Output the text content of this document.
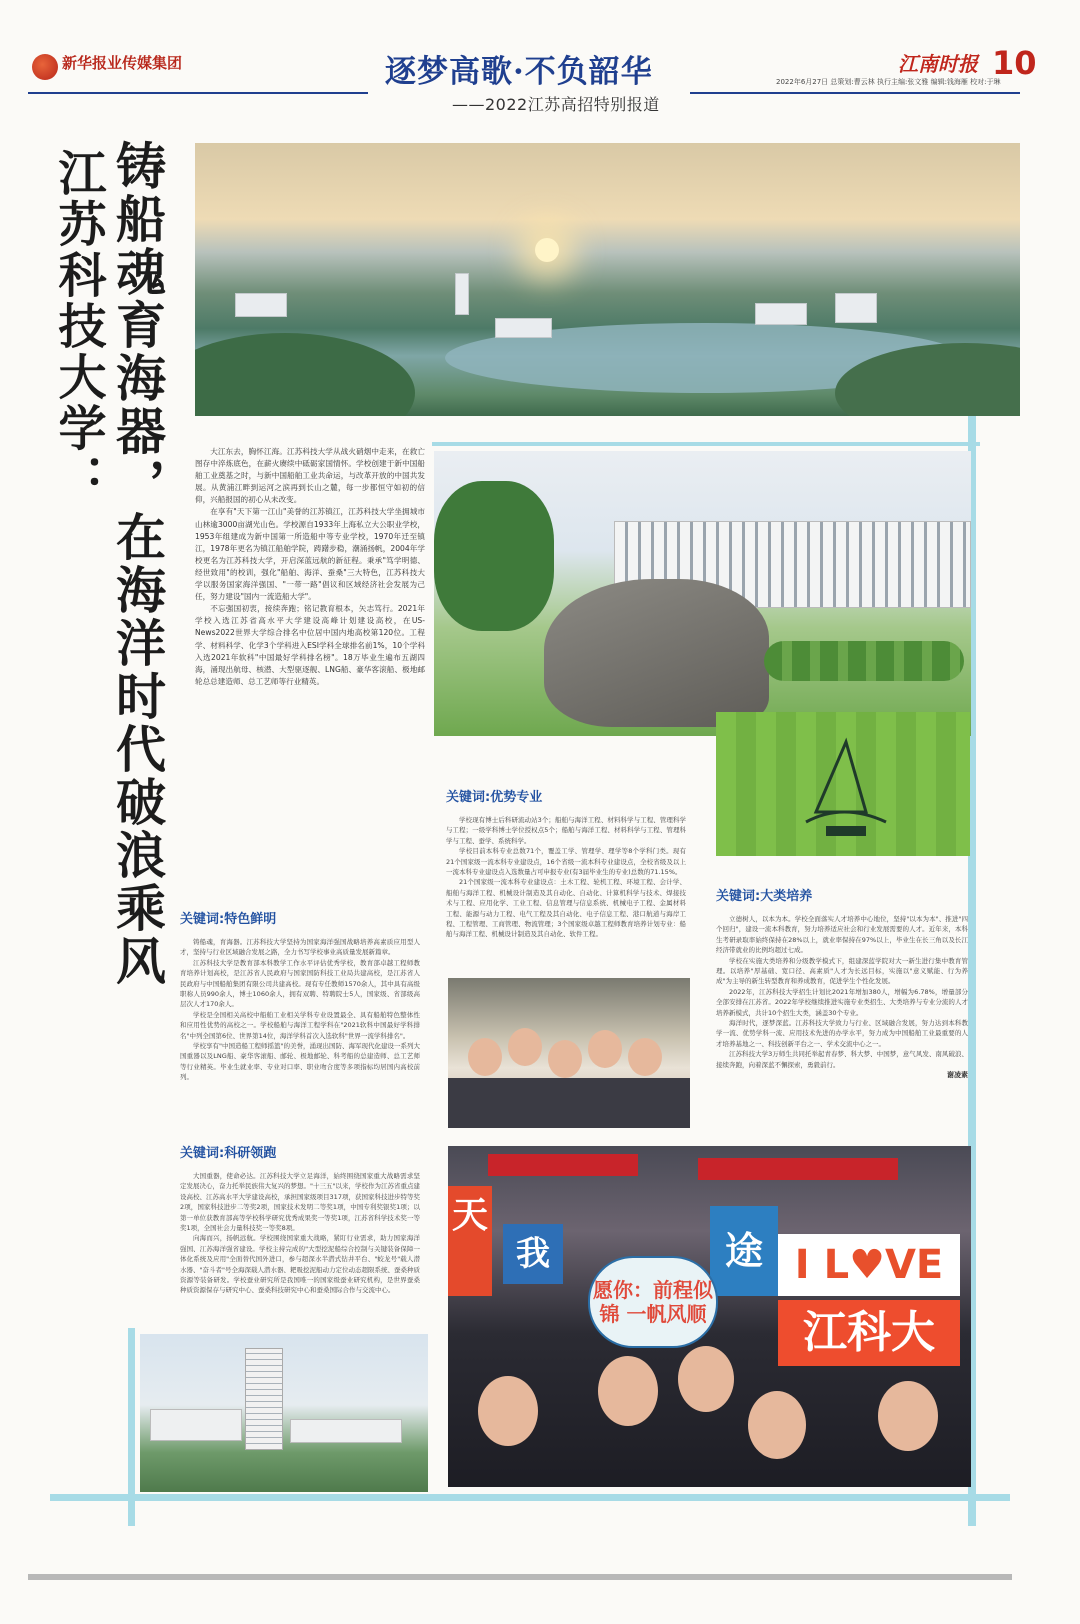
新华报业传媒集团	逐梦高歌·不负韶华
——2022江苏高招特别报道
江南时报 10
2022年6月27日 总策划:曹云林 执行主编:张文雅 编辑:钱海雁 校对:于琳
铸船魂育海器，在海洋时代破浪乘风
江苏科技大学：	大江东去，胸怀江海。江苏科技大学从战火硝烟中走来，在救亡图存中淬炼底色，在薪火赓续中砥砺家国情怀。学校创建于新中国船舶工业奠基之时，与新中国船舶工业共命运，与改革开放的中国共发展。从黄浦江畔到运河之滨再到长山之麓，每一步都恒守如初的信仰，兴船报国的初心从未改变。

在享有"天下第一江山"美誉的江苏镇江，江苏科技大学坐拥城市山林逾3000亩湖光山色。学校源自1933年上海私立大公职业学校，1953年组建成为新中国第一所造船中等专业学校，1970年迁至镇江，1978年更名为镇江船舶学院，踌躇步稳，潮涌扬帆，2004年学校更名为江苏科技大学，开启深蓝远航的新征程。秉承"笃学明德、经世致用"的校训，强化"船舶、海洋、蚕桑"三大特色，江苏科技大学以服务国家海洋强国、"一带一路"倡议和区域经济社会发展为己任，努力建设"国内一流造船大学"。

不忘强国初衷，接续奔跑；铭记教育根本，矢志笃行。2021年学校入选江苏省高水平大学建设高峰计划建设高校，在US-News2022世界大学综合排名中位居中国内地高校第120位。工程学、材料科学、化学3个学科进入ESI学科全球排名前1%，10个学科入选2021年软科"中国最好学科排名榜"。18万毕业生遍布五湖四海，涌现出航母、核潜、大型驱逐舰、LNG船、豪华客滚船、极地邮轮总总建造师、总工艺师等行业精英。

关键词:优势专业

学校现有博士后科研流动站3个；船舶与海洋工程、材料科学与工程、管理科学与工程；一级学科博士学位授权点5个；船舶与海洋工程、材料科学与工程、管理科学与工程、蚕学、系统科学。

学校目前本科专业总数71个，覆盖工学、管理学、理学等8个学科门类。现有21个国家级一流本科专业建设点，16个省级一流本科专业建设点，全校省级及以上一流本科专业建设点入选数量占可申报专业(有3届毕业生的专业)总数的71.15%。

21个国家级一流本科专业建设点：土木工程、轮机工程、环境工程、会计学、船舶与海洋工程、机械设计制造及其自动化、自动化、计算机科学与技术、焊接技术与工程、应用化学、工业工程、信息管理与信息系统、机械电子工程、金属材料工程、能源与动力工程、电气工程及其自动化、电子信息工程、港口航道与海岸工程、工程管理、工商管理、物流管理；3个国家级卓越工程师教育培养计划专业：船舶与海洋工程、机械设计制造及其自动化、软件工程。

关键词:大类培养

立德树人，以本为本。学校全面落实人才培养中心地位，坚持"以本为本"、推进"四个回归"，建设一流本科教育，努力培养适应社会和行业发展需要的人才。近年来，本科生考研录取率始终保持在28%以上，就业率保持在97%以上，毕业生在长三角以及长江经济带就业的比例均超过七成。

学校在实施大类培养和分级教学模式下，组建深蓝学院对大一新生进行集中教育管理。以培养"厚基础、宽口径、高素质"人才为长远目标，实施以"意义赋能、行为养成"为主导的新生转型教育和养成教育，促进学生个性化发展。

2022年，江苏科技大学招生计划比2021年增加380人，增幅为6.78%，增量部分全部安排在江苏省。2022年学校继续推进实施专业类招生、大类培养与专业分流的人才培养新模式，共计10个招生大类，涵盖30个专业。

海洋时代，逐梦深蓝。江苏科技大学致力与行业、区域融合发展，努力达到本科教学一流、优势学科一流、应用技术先进的办学水平，努力成为中国船舶工业最重要的人才培养基地之一、科技创新平台之一、学术交流中心之一。

江苏科技大学3万师生共同托举起青春梦、科大梦、中国梦，意气风发、南风破浪、接续奔跑，向着深蓝不懈探索，勇毅前行。

谢凌素
关键词:特色鲜明

铸船魂，育海器。江苏科技大学坚持为国家海洋强国战略培养高素质应用型人才，坚持与行业区域融合发展之路，全力书写学校事业高质量发展新篇章。

江苏科技大学是教育部本科教学工作水平评估优秀学校，教育部卓越工程师教育培养计划高校，是江苏省人民政府与国家国防科技工业局共建高校，是江苏省人民政府与中国船舶集团有限公司共建高校。现有专任教师1570余人，其中具有高级职称人员990余人，博士1060余人，拥有双聘、特聘院士5人，国家级、省部级高层次人才170余人。

学校是全国相关高校中船舶工业相关学科专业设置最全、具有船舶特色整体性和应用性优势的高校之一。学校船舶与海洋工程学科在"2021软科中国最好学科排名"中列全国第6位、世界第14位，海洋学科首次入选软科"世界一流学科排名"。

学校享有"中国造船工程师摇篮"的美誉，涌现出国防、海军现代化建设一系列大国重器以及LNG船、豪华客滚船、邮轮、极地邮轮、科考船的总建造师、总工艺师等行业精英。毕业生就业率、专业对口率、职业吻合度等多项指标均居国内高校前列。

关键词:科研领跑

大国重器，使命必达。江苏科技大学立足海洋，始终围绕国家重大战略需求坚定发展决心，奋力托举民族伟大复兴的梦想。"十三五"以来，学校作为江苏省重点建设高校、江苏高水平大学建设高校，承担国家级项目317项，获国家科技进步特等奖2项，国家科技进步二等奖2项，国家技术发明二等奖1项，中国专利奖银奖1项；以第一单位获教育部高等学校科学研究优秀成果奖一等奖1项，江苏省科学技术奖一等奖1项，全国社会力量科技奖一等奖8项。

向海而兴，扬帆远航。学校围绕国家重大战略，紧盯行业需求，助力国家海洋强国、江苏海洋强省建设。学校主持完成的"大型挖泥船综合控制与关键装备保障一体化系统及应用"全面替代国外进口，参与超深水半潜式钻井平台、"蛟龙号"载人潜水器、"奋斗者"号全海深载人潜水器、耙吸挖泥船动力定位动态超限系统、蚕桑种质资源等装备研发。学校蚕业研究所是我国唯一的国家级蚕业研究机构，是世界蚕桑种质资源保存与研究中心、蚕桑科技研究中心和蚕桑国际合作与交流中心。

天
我	途
愿你：前程似锦 一帆风顺
I L♥VE
江科大
